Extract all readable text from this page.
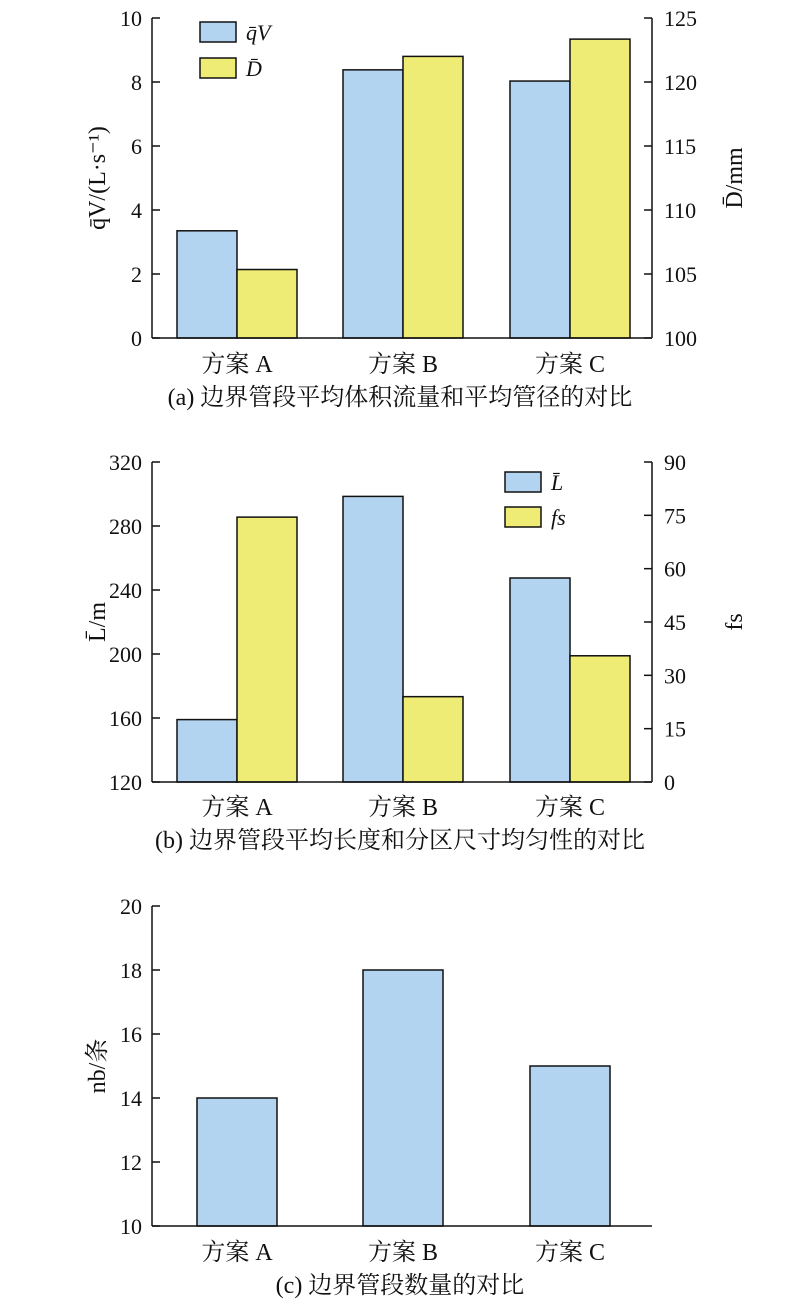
0
2
4
6
8
10
100
105
110
115
120
125
方案 A	方案 B	方案 C
(a) 边界管段平均体积流量和平均管径的对比
q̄V/(L·s⁻¹)	D̄/mm
q̄V
D̄
120
160
200
240
280
320
0
15
30
45
60
75
90
方案 A	方案 B	方案 C
(b) 边界管段平均长度和分区尺寸均匀性的对比
L̄/m	fs
L̄
fs
10
12
14
16
18
20
方案 A	方案 B	方案 C
(c) 边界管段数量的对比
nb/条
